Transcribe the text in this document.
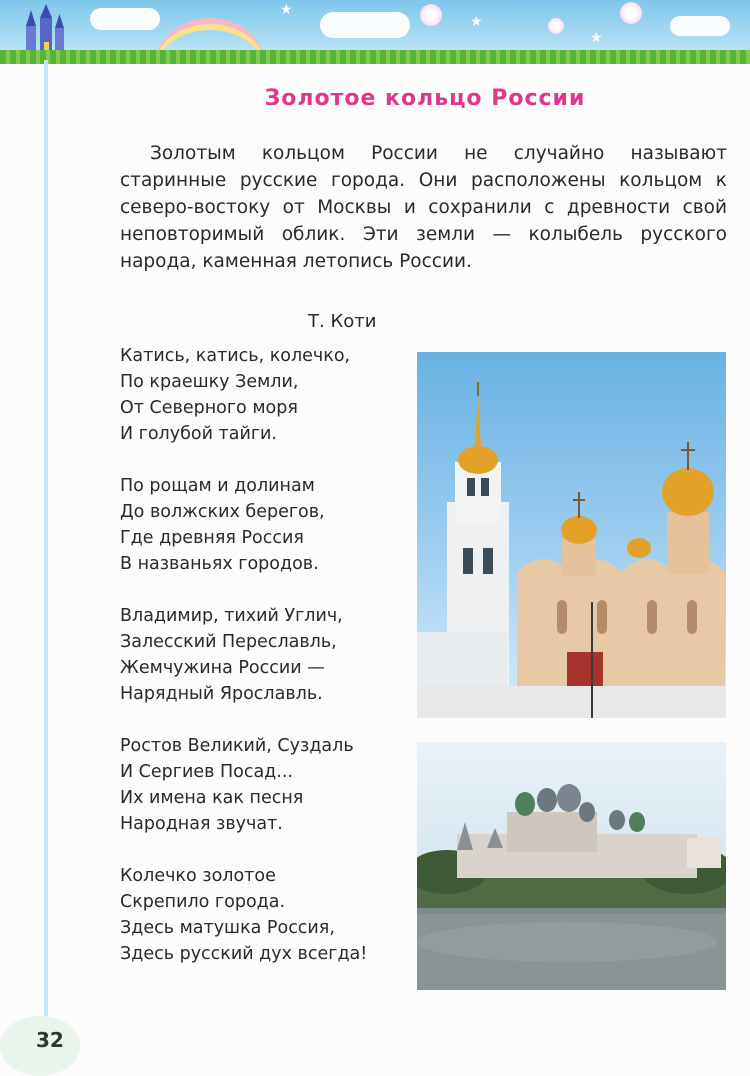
★
★
★
Золотое кольцо России

Золотым кольцом России не случайно называют старинные русские города. Они расположены кольцом к северо-востоку от Москвы и сохранили с древности свой неповторимый облик. Эти земли — колыбель русского народа, каменная летопись России.

Т. Коти
Катись, катись, колечко,
По краешку Земли,
От Северного моря
И голубой тайги.
По рощам и долинам
До волжских берегов,
Где древняя Россия
В названьях городов.
Владимир, тихий Углич,
Залесский Переславль,
Жемчужина России —
Нарядный Ярославль.
Ростов Великий, Суздаль
И Сергиев Посад...
Их имена как песня
Народная звучат.
Колечко золотое
Скрепило города.
Здесь матушка Россия,
Здесь русский дух всегда!
32
